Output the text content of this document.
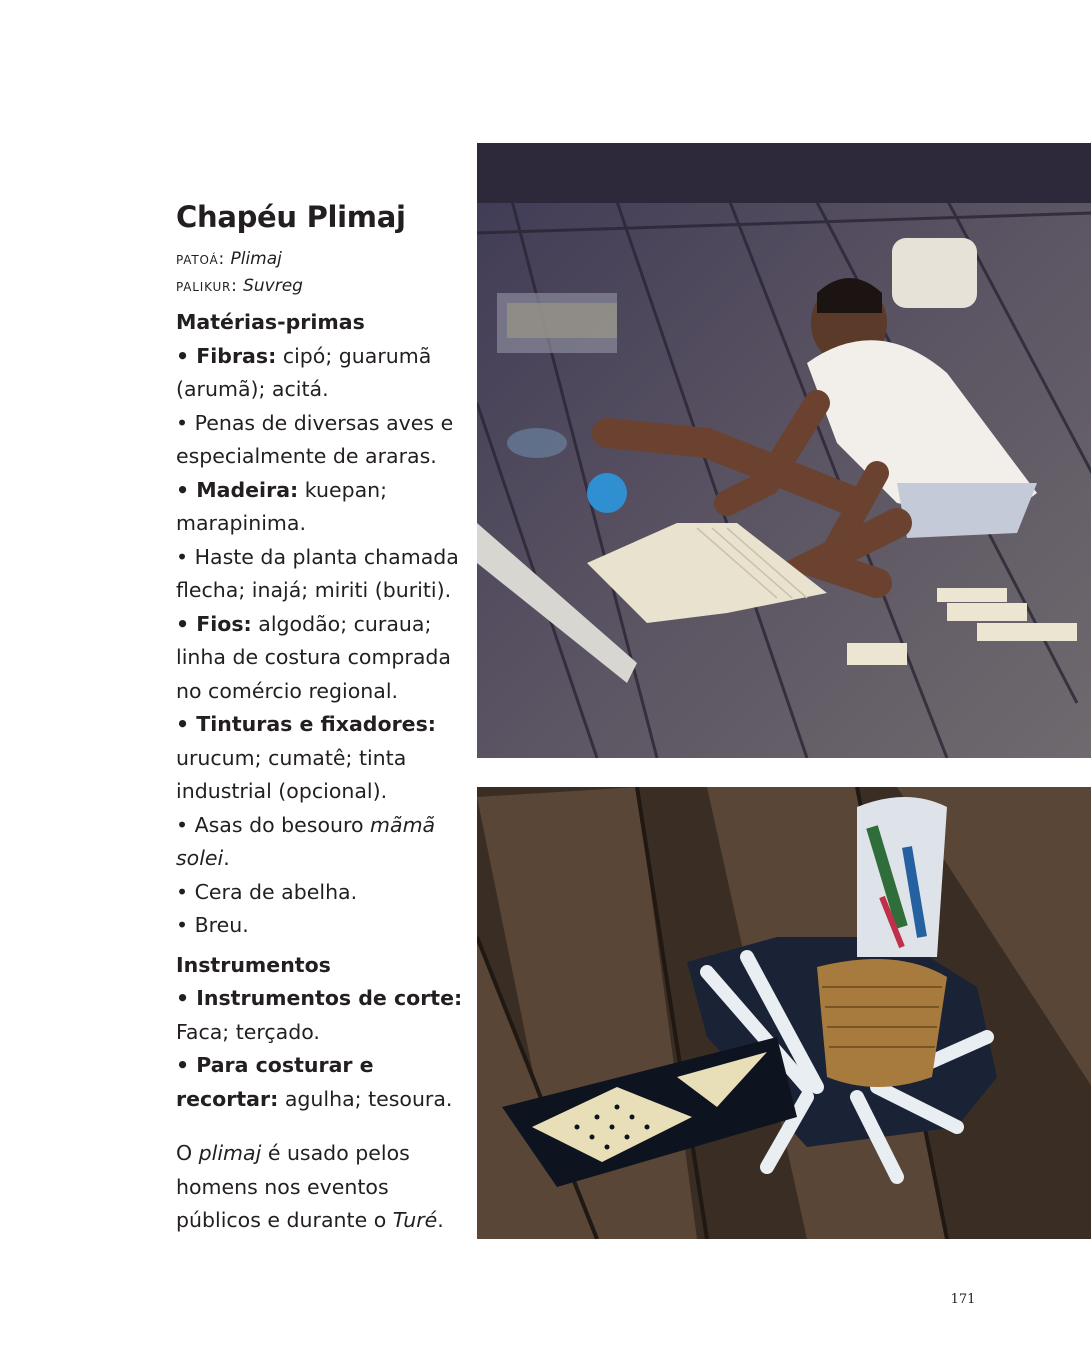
Chapéu Plimaj
patoá: Plimaj
palikur: Suvreg
Matérias-primas
• Fibras: cipó; guarumã (arumã); acitá.
• Penas de diversas aves e especialmente de araras.
• Madeira: kuepan; marapinima.
• Haste da planta chamada flecha; inajá; miriti (buriti).
• Fios: algodão; curaua; linha de costura comprada no comércio regional.
• Tinturas e fixadores: urucum; cumatê; tinta industrial (opcional).
• Asas do besouro mãmã solei.
• Cera de abelha.
• Breu.
Instrumentos
• Instrumentos de corte: Faca; terçado.
• Para costurar e recortar: agulha; tesoura.
O plimaj é usado pelos homens nos eventos públicos e durante o Turé.
171
